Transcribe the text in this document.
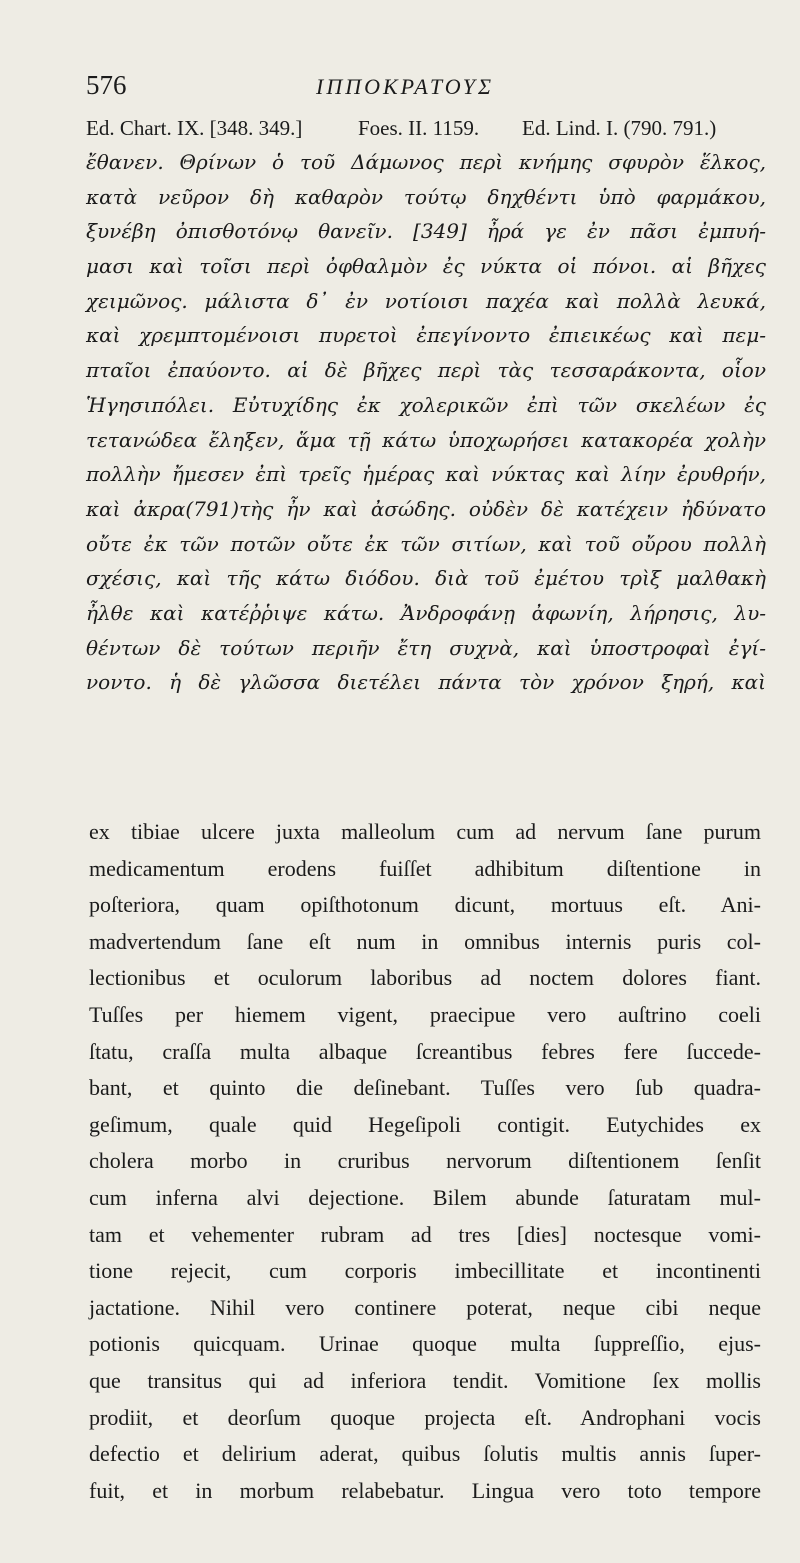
576	ΙΠΠΟΚΡΑΤΟΥΣ
Ed. Chart. IX. [348. 349.]	Foes. II. 1159. Ed. Lind. I. (790. 791.)
ἔθανεν. Θρίνων ὁ τοῦ Δάμωνος περὶ κνήμης σφυρὸν ἕλκος,
κατὰ νεῦρον δὴ καθαρὸν τούτῳ δηχθέντι ὑπὸ φαρμάκου,
ξυνέβη ὀπισθοτόνῳ θανεῖν. [349] ἦρά γε ἐν πᾶσι ἐμπυή-
μασι καὶ τοῖσι περὶ ὀφθαλμὸν ἐς νύκτα οἱ πόνοι. αἱ βῆχες
χειμῶνος. μάλιστα δ᾽ ἐν νοτίοισι παχέα καὶ πολλὰ λευκά,
καὶ χρεμπτομένοισι πυρετοὶ ἐπεγίνοντο ἐπιεικέως καὶ πεμ-
πταῖοι ἐπαύοντο. αἱ δὲ βῆχες περὶ τὰς τεσσαράκοντα, οἷον
Ἡγησιπόλει. Εὐτυχίδης ἐκ χολερικῶν ἐπὶ τῶν σκελέων ἐς
τετανώδεα ἔληξεν, ἅμα τῇ κάτω ὑποχωρήσει κατακορέα χολὴν
πολλὴν ἤμεσεν ἐπὶ τρεῖς ἡμέρας καὶ νύκτας καὶ λίην ἐρυθρήν,
καὶ ἀκρα(791)τὴς ἦν καὶ ἀσώδης. οὐδὲν δὲ κατέχειν ἠδύνατο
οὔτε ἐκ τῶν ποτῶν οὔτε ἐκ τῶν σιτίων, καὶ τοῦ οὔρου πολλὴ
σχέσις, καὶ τῆς κάτω διόδου. διὰ τοῦ ἐμέτου τρὶξ μαλθακὴ
ἦλθε καὶ κατέῤῥιψε κάτω. Ἀνδροφάνῃ ἀφωνίη, λήρησις, λυ-
θέντων δὲ τούτων περιῆν ἔτη συχνὰ, καὶ ὑποστροφαὶ ἐγί-
νοντο. ἡ δὲ γλῶσσα διετέλει πάντα τὸν χρόνον ξηρή, καὶ
ex tibiae ulcere juxta malleolum cum ad nervum ſane purum
medicamentum erodens fuiſſet adhibitum diſtentione in
poſteriora, quam opiſthotonum dicunt, mortuus eſt. Ani-
madvertendum ſane eſt num in omnibus internis puris col-
lectionibus et oculorum laboribus ad noctem dolores fiant.
Tuſſes per hiemem vigent, praecipue vero auſtrino coeli
ſtatu, craſſa multa albaque ſcreantibus febres fere ſuccede-
bant, et quinto die deſinebant. Tuſſes vero ſub quadra-
geſimum, quale quid Hegeſipoli contigit. Eutychides ex
cholera morbo in cruribus nervorum diſtentionem ſenſit
cum inferna alvi dejectione. Bilem abunde ſaturatam mul-
tam et vehementer rubram ad tres [dies] noctesque vomi-
tione rejecit, cum corporis imbecillitate et incontinenti
jactatione. Nihil vero continere poterat, neque cibi neque
potionis quicquam. Urinae quoque multa ſuppreſſio, ejus-
que transitus qui ad inferiora tendit. Vomitione ſex mollis
prodiit, et deorſum quoque projecta eſt. Androphani vocis
defectio et delirium aderat, quibus ſolutis multis annis ſuper-
fuit, et in morbum relabebatur. Lingua vero toto tempore
